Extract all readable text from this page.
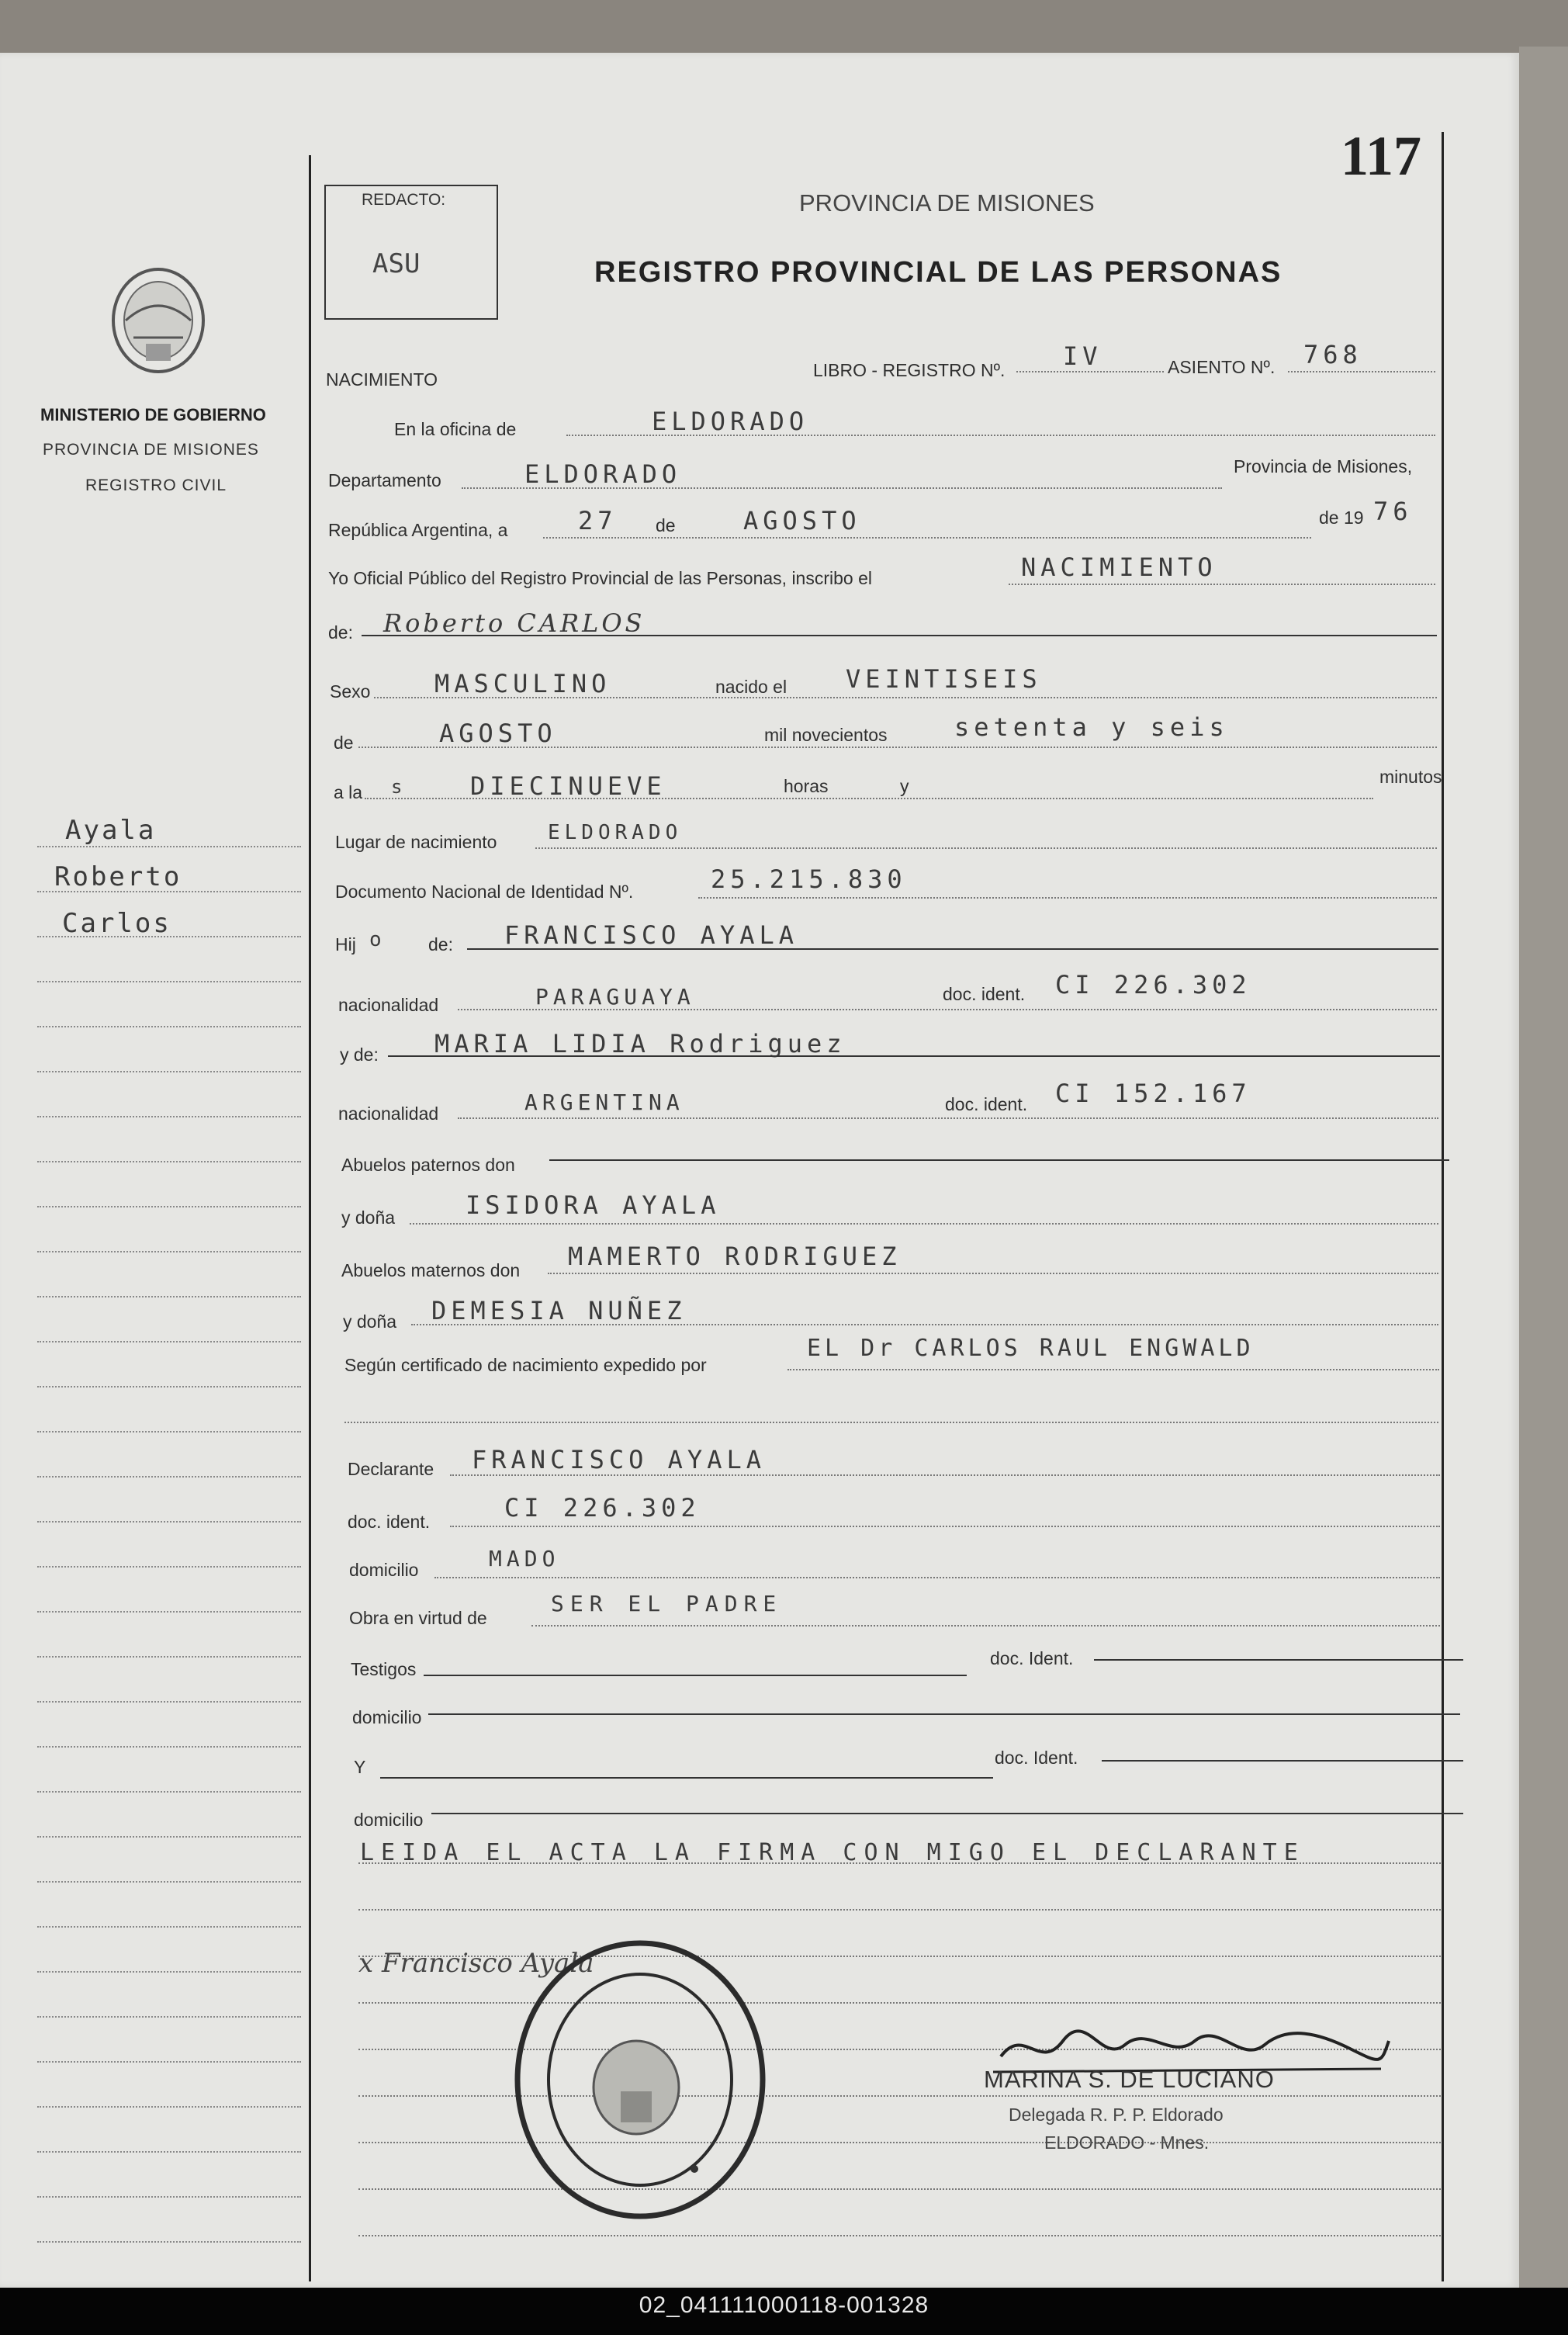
117
REDACTO:
ASU
PROVINCIA DE MISIONES
REGISTRO PROVINCIAL DE LAS PERSONAS
MINISTERIO DE GOBIERNO
PROVINCIA DE MISIONES
REGISTRO CIVIL
Ayala
Roberto
Carlos
NACIMIENTO	LIBRO - REGISTRO Nº. IV	ASIENTO Nº. 768
En la oficina de	ELDORADO
Departamento	ELDORADO	Provincia de Misiones,
República Argentina, a	27 de	AGOSTO	de 19 76
Yo Oficial Público del Registro Provincial de las Personas, inscribo el	NACIMIENTO
de: Roberto CARLOS
Sexo	MASCULINO	nacido el VEINTISEIS
de	AGOSTO	mil novecientos	setenta y seis
a la s	DIECINUEVE	horas	y	minutos
Lugar de nacimiento	ELDORADO
Documento Nacional de Identidad Nº.	25.215.830
Hij o de: FRANCISCO AYALA
nacionalidad	PARAGUAYA	doc. ident. CI 226.302
y de: MARIA LIDIA Rodriguez
nacionalidad	ARGENTINA	doc. ident. CI 152.167
Abuelos paternos don
y doña	ISIDORA AYALA
Abuelos maternos don MAMERTO RODRIGUEZ
y doña DEMESIA NUÑEZ
Según certificado de nacimiento expedido por
EL Dr CARLOS RAUL ENGWALD
Declarante FRANCISCO AYALA
doc. ident.	CI 226.302
domicilio	MADO
Obra en virtud de
SER EL PADRE
Testigos
doc. Ident.
domicilio
Y	doc. Ident.
domicilio
LEIDA EL ACTA LA FIRMA CON MIGO EL DECLARANTE
x Francisco Ayala
MARINA S. DE LUCIANO
Delegada R. P. P. Eldorado
ELDORADO - Mnes.
02_041111000118-001328
